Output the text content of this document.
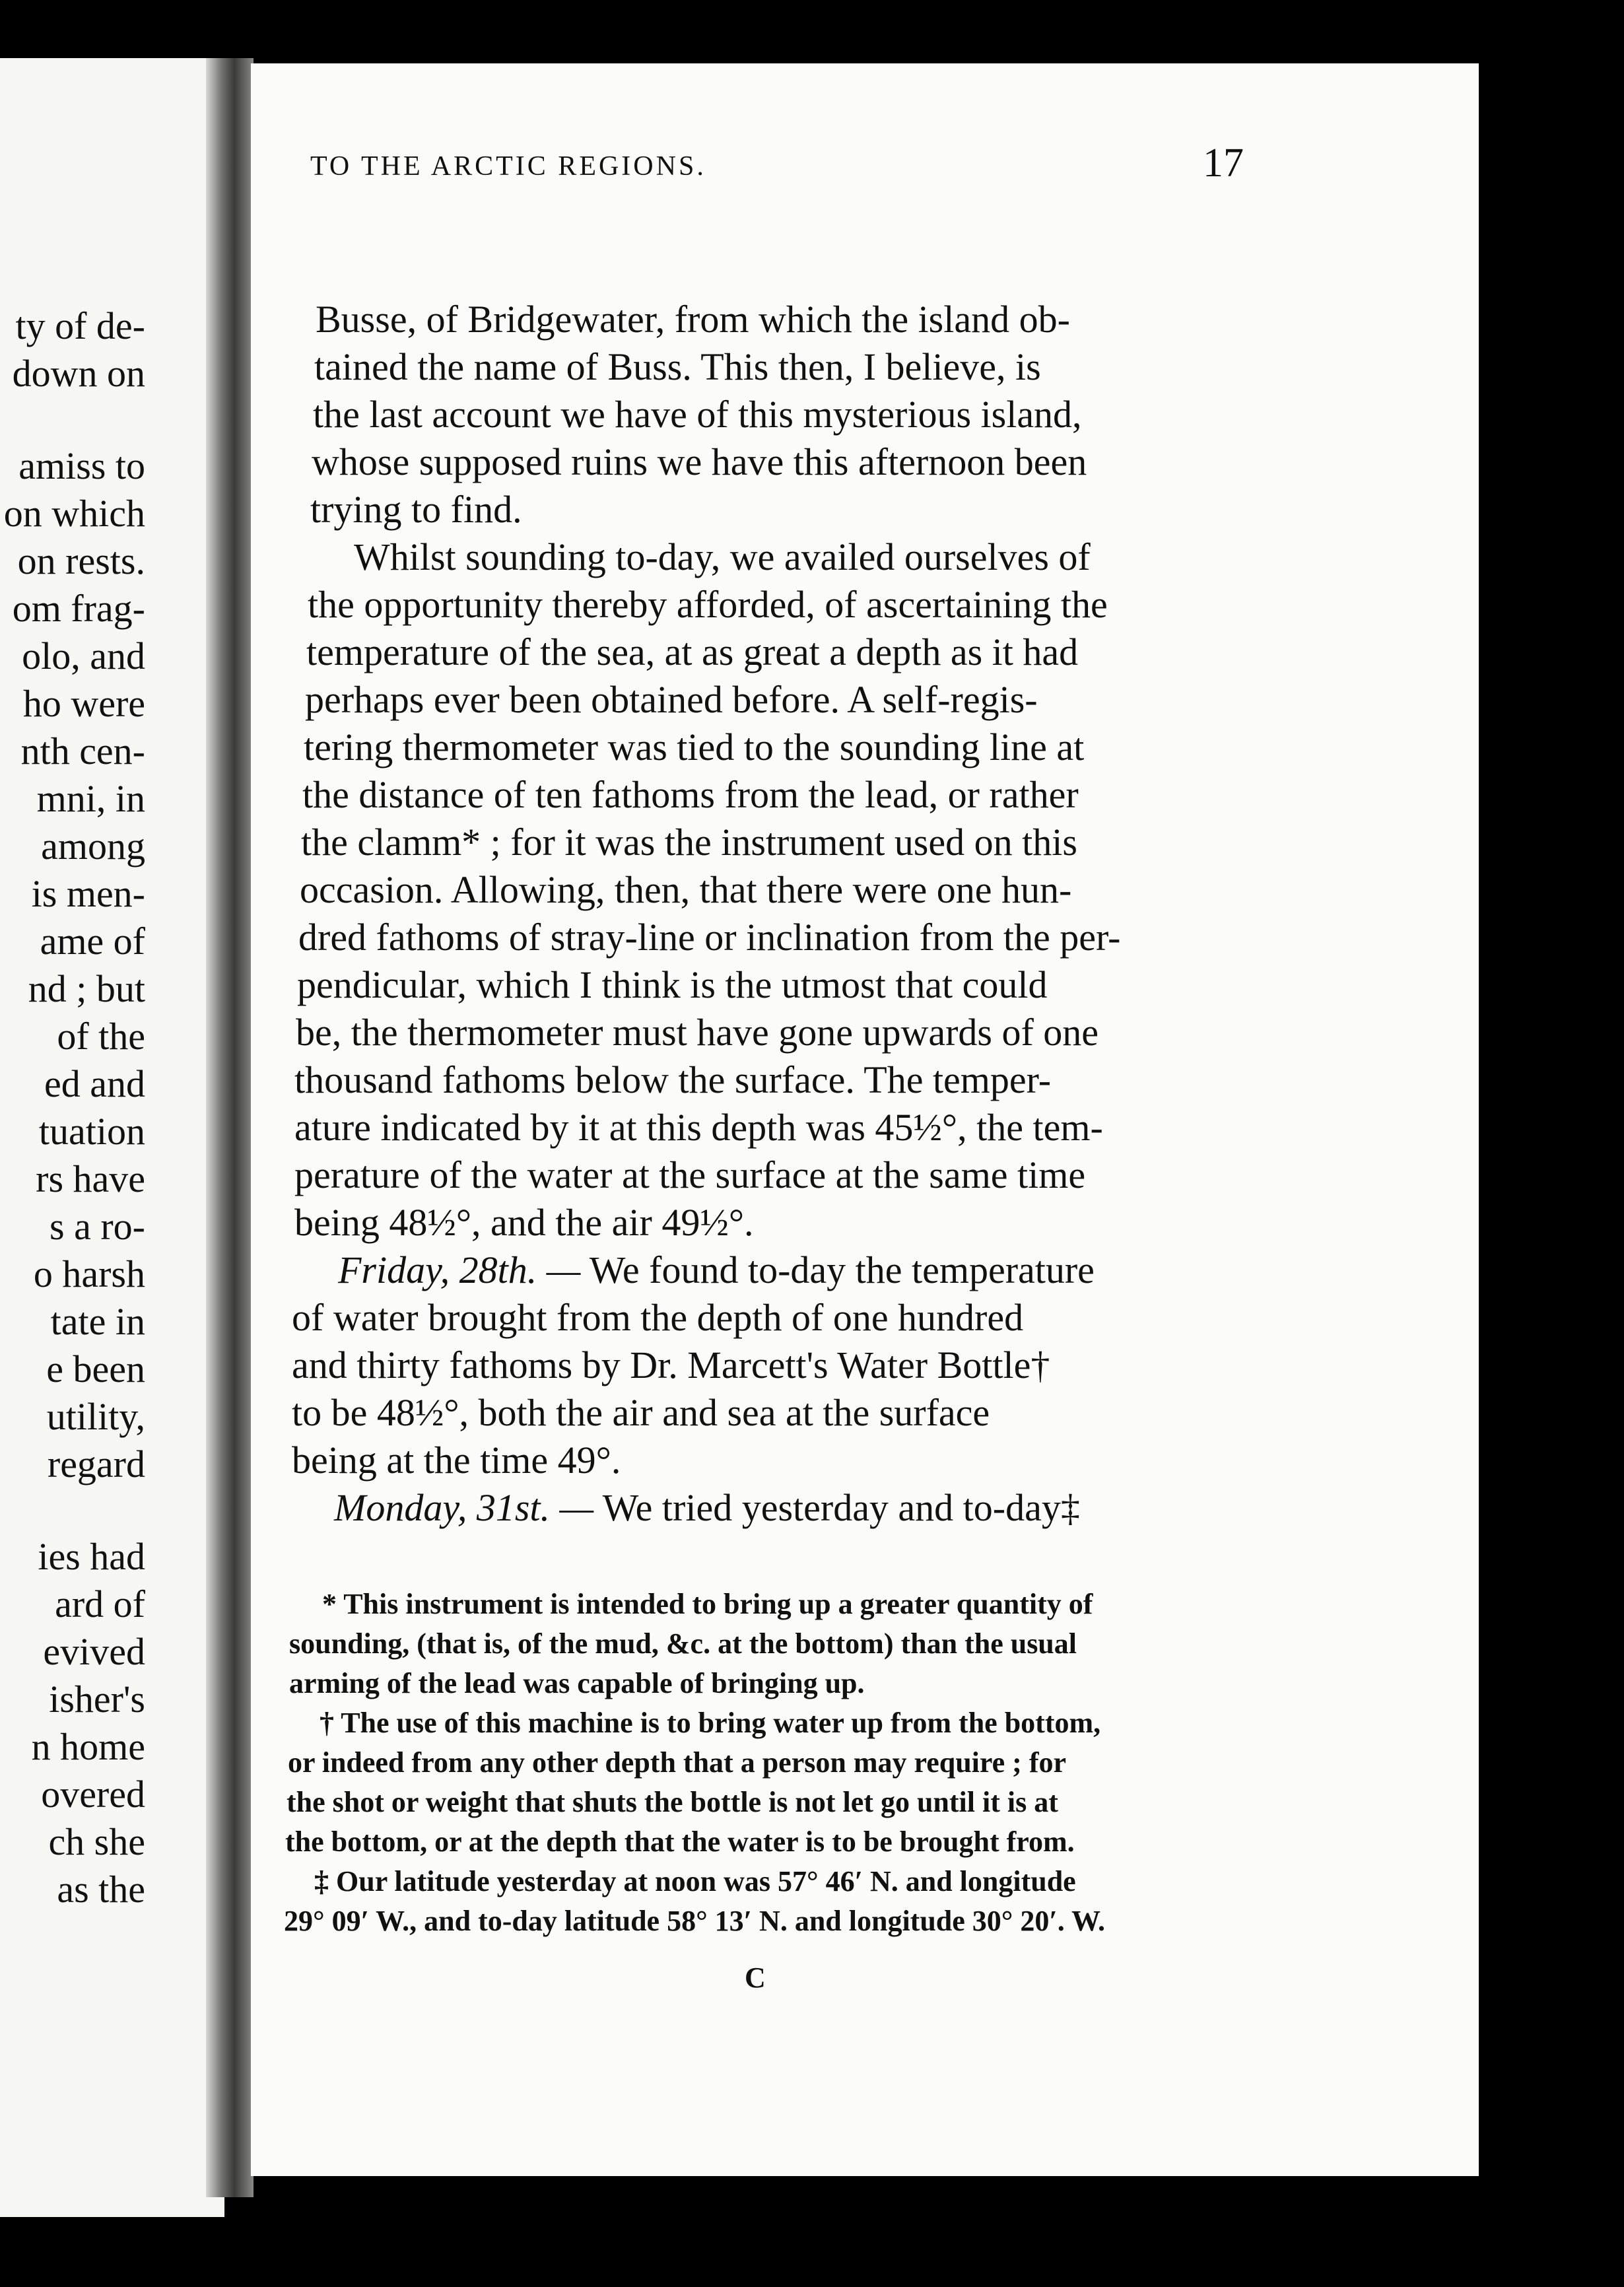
ty of de-
down on
amiss to
on which
on rests.
om frag-
olo, and
ho were
nth cen-
mni, in
among
is men-
ame of
nd ; but
of the
ed and
tuation
rs have
s a ro-
o harsh
tate in
e been
utility,
regard
ies had
ard of
evived
isher's
n home
overed
ch she
as the
TO THE ARCTIC REGIONS.	17
Busse, of Bridgewater, from which the island ob-
tained the name of Buss. This then, I believe, is
the last account we have of this mysterious island,
whose supposed ruins we have this afternoon been
trying to find.
Whilst sounding to-day, we availed ourselves of
the opportunity thereby afforded, of ascertaining the
temperature of the sea, at as great a depth as it had
perhaps ever been obtained before. A self-regis-
tering thermometer was tied to the sounding line at
the distance of ten fathoms from the lead, or rather
the clamm* ; for it was the instrument used on this
occasion. Allowing, then, that there were one hun-
dred fathoms of stray-line or inclination from the per-
pendicular, which I think is the utmost that could
be, the thermometer must have gone upwards of one
thousand fathoms below the surface. The temper-
ature indicated by it at this depth was 45½°, the tem-
perature of the water at the surface at the same time
being 48½°, and the air 49½°.
Friday, 28th. — We found to-day the temperature
of water brought from the depth of one hundred
and thirty fathoms by Dr. Marcett's Water Bottle†
to be 48½°, both the air and sea at the surface
being at the time 49°.
Monday, 31st. — We tried yesterday and to-day‡
* This instrument is intended to bring up a greater quantity of
sounding, (that is, of the mud, &c. at the bottom) than the usual
arming of the lead was capable of bringing up.
† The use of this machine is to bring water up from the bottom,
or indeed from any other depth that a person may require ; for
the shot or weight that shuts the bottle is not let go until it is at
the bottom, or at the depth that the water is to be brought from.
‡ Our latitude yesterday at noon was 57° 46′ N. and longitude
29° 09′ W., and to-day latitude 58° 13′ N. and longitude 30° 20′. W.
C
